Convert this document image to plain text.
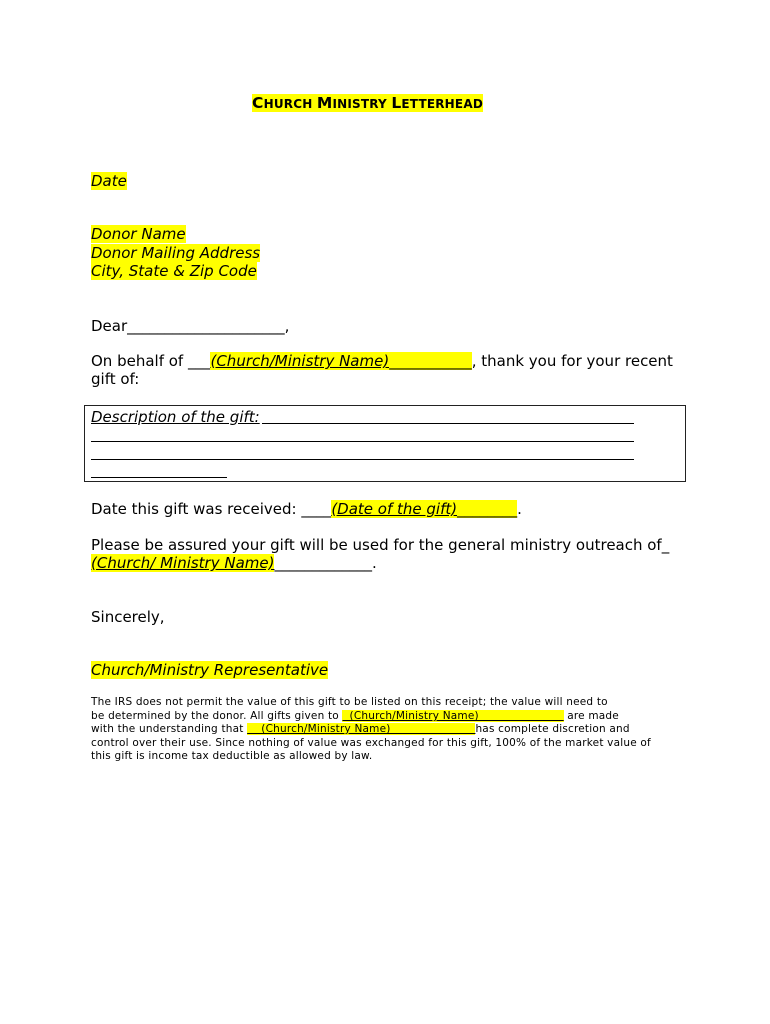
CHURCH MINISTRY LETTERHEAD
Date
Donor Name
Donor Mailing Address
City, State & Zip Code
Dear_____________________,
On behalf of ___(Church/Ministry Name)___________, thank you for your recent
gift of:
Description of the gift:
Date this gift was received: ____(Date of the gift)________.
Please be assured your gift will be used for the general ministry outreach of_
(Church/ Ministry Name)_____________.
Sincerely,
Church/Ministry Representative
The IRS does not permit the value of this gift to be listed on this receipt; the value will need to
be determined by the donor. All gifts given to   (Church/Ministry Name)                         are made
with the understanding that     (Church/Ministry Name)                        has complete discretion and
control over their use. Since nothing of value was exchanged for this gift, 100% of the market value of
this gift is income tax deductible as allowed by law.
